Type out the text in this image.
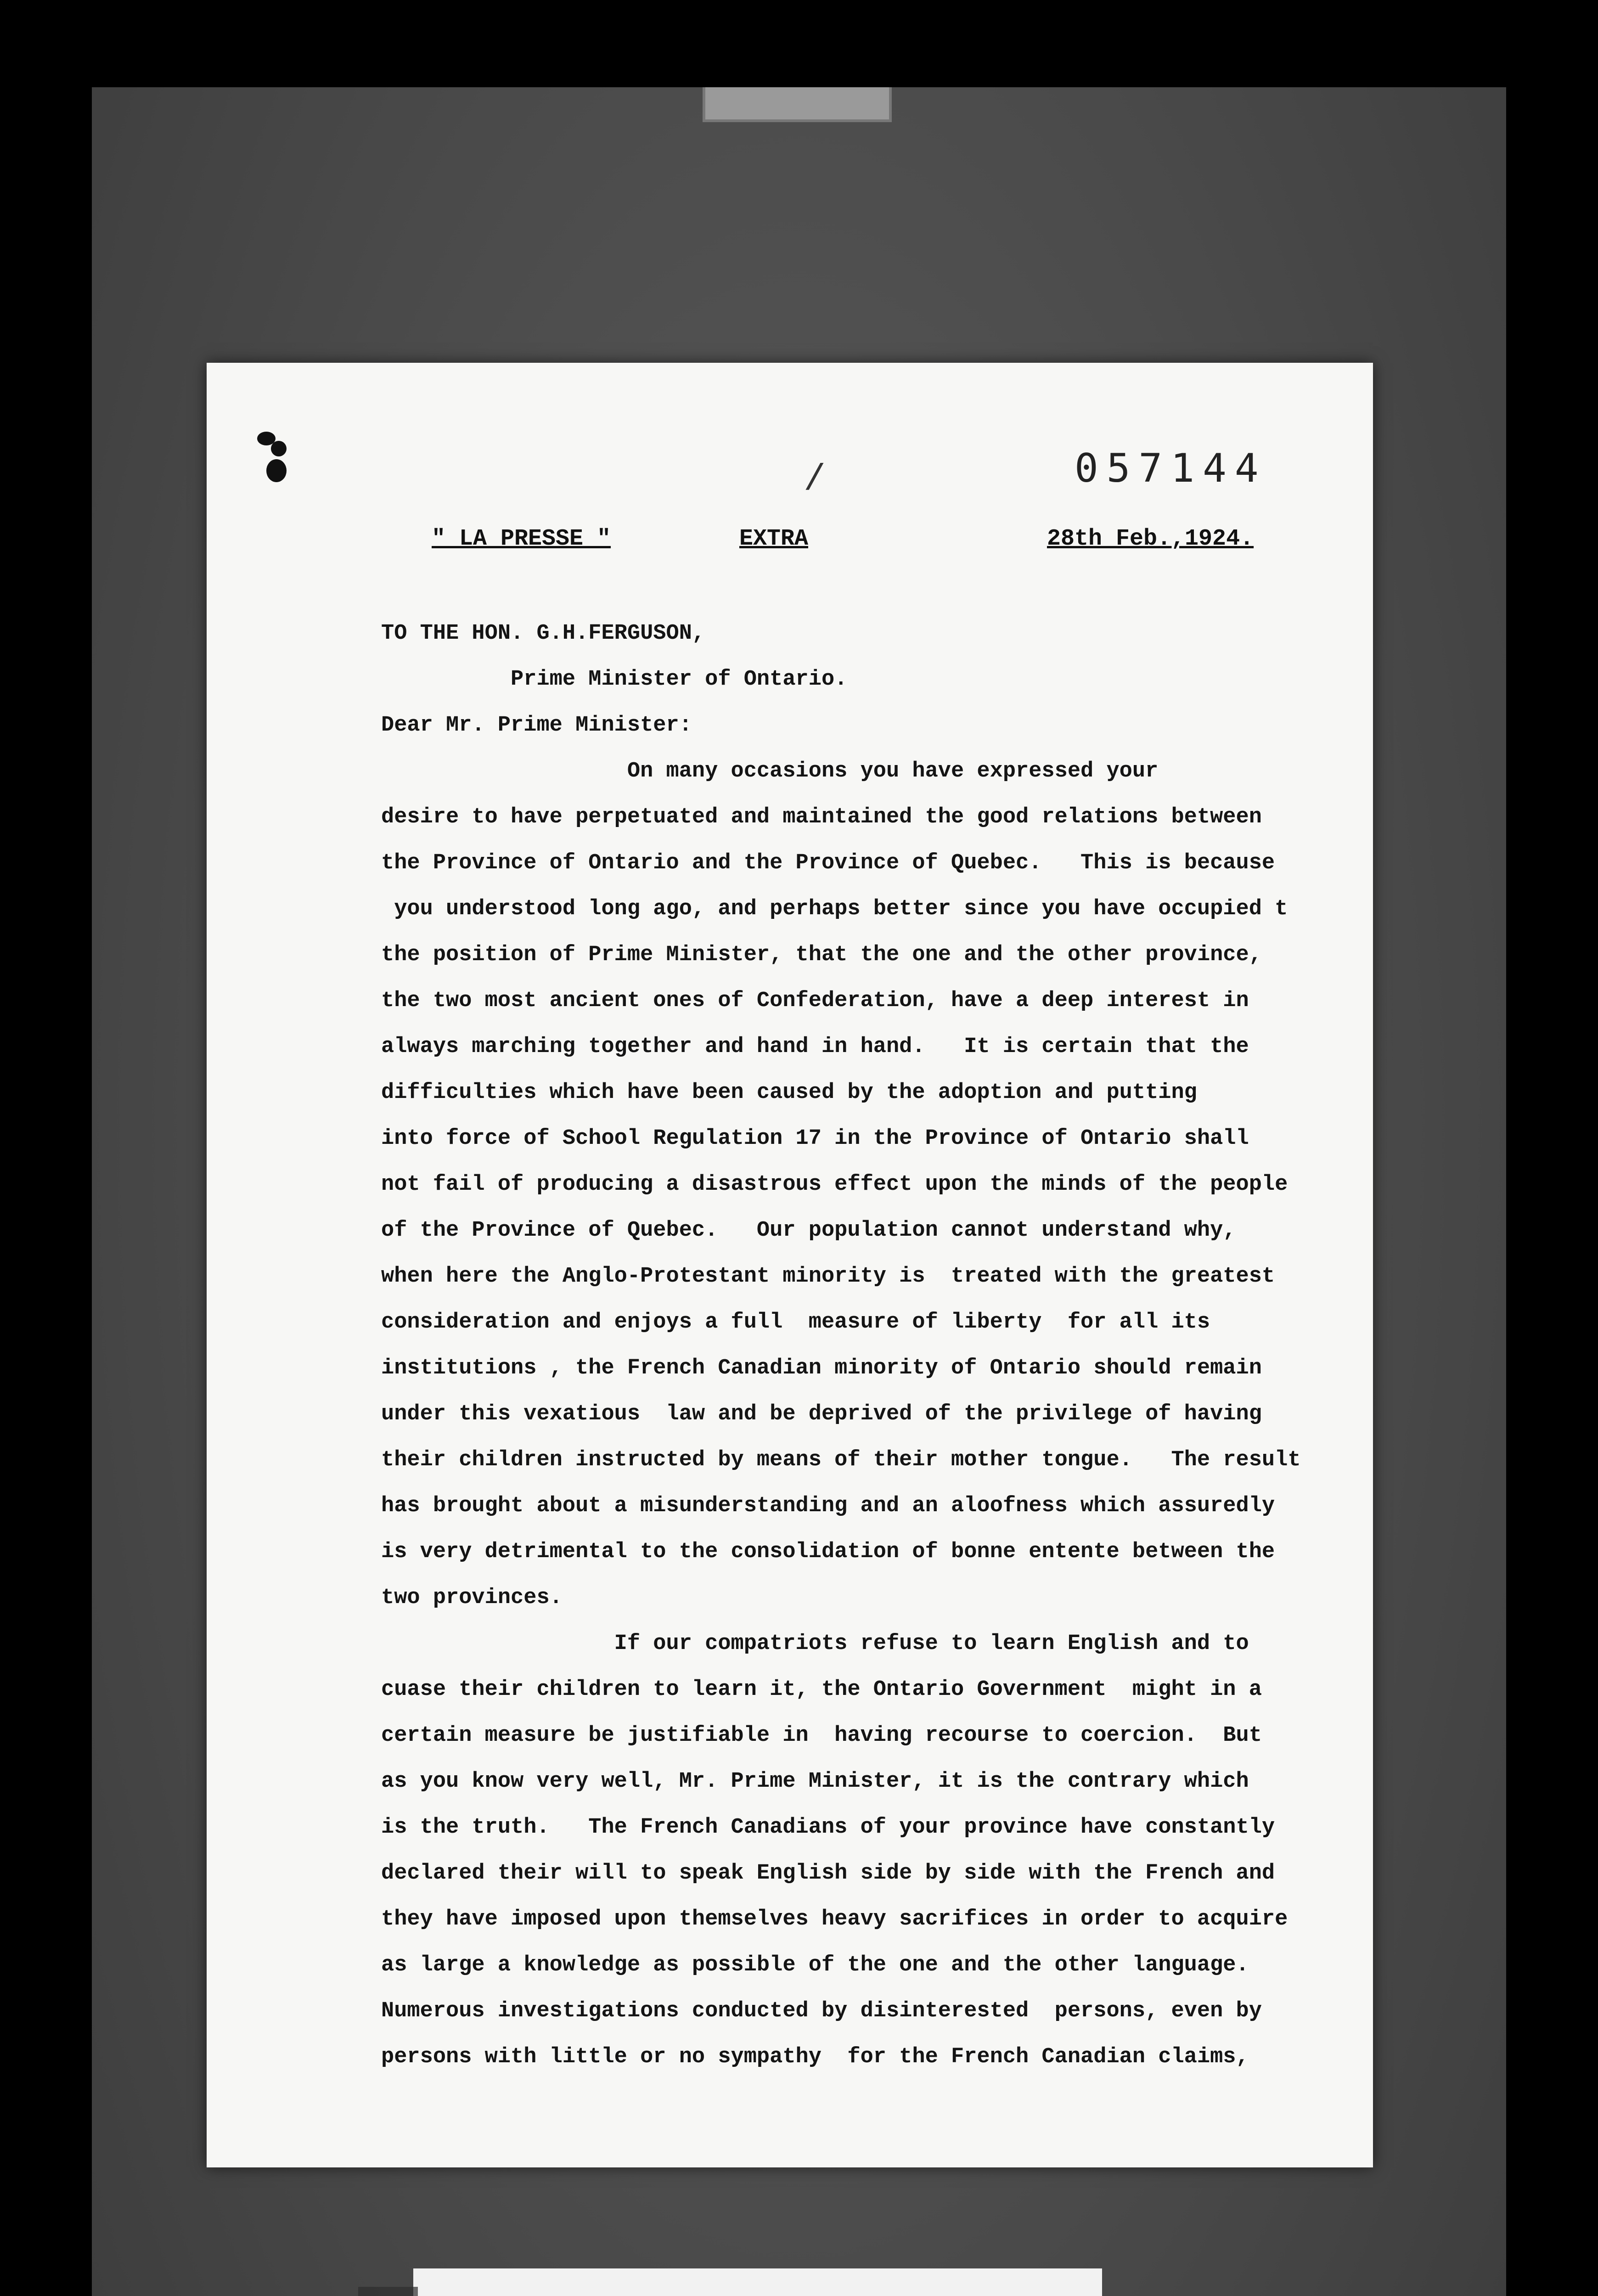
/	057144
" LA PRESSE "	EXTRA	28th Feb.,1924.
TO THE HON. G.H.FERGUSON,
Prime Minister of Ontario.
Dear Mr. Prime Minister:
On many occasions you have expressed your
desire to have perpetuated and maintained the good relations between
the Province of Ontario and the Province of Quebec.   This is because
you understood long ago, and perhaps better since you have occupied t
the position of Prime Minister, that the one and the other province,
the two most ancient ones of Confederation, have a deep interest in
always marching together and hand in hand.   It is certain that the
difficulties which have been caused by the adoption and putting
into force of School Regulation 17 in the Province of Ontario shall
not fail of producing a disastrous effect upon the minds of the people
of the Province of Quebec.   Our population cannot understand why,
when here the Anglo-Protestant minority is  treated with the greatest
consideration and enjoys a full  measure of liberty  for all its
institutions , the French Canadian minority of Ontario should remain
under this vexatious  law and be deprived of the privilege of having
their children instructed by means of their mother tongue.   The result
has brought about a misunderstanding and an aloofness which assuredly
is very detrimental to the consolidation of bonne entente between the
two provinces.
If our compatriots refuse to learn English and to
cuase their children to learn it, the Ontario Government  might in a
certain measure be justifiable in  having recourse to coercion.  But
as you know very well, Mr. Prime Minister, it is the contrary which
is the truth.   The French Canadians of your province have constantly
declared their will to speak English side by side with the French and
they have imposed upon themselves heavy sacrifices in order to acquire
as large a knowledge as possible of the one and the other language.
Numerous investigations conducted by disinterested  persons, even by
persons with little or no sympathy  for the French Canadian claims,
